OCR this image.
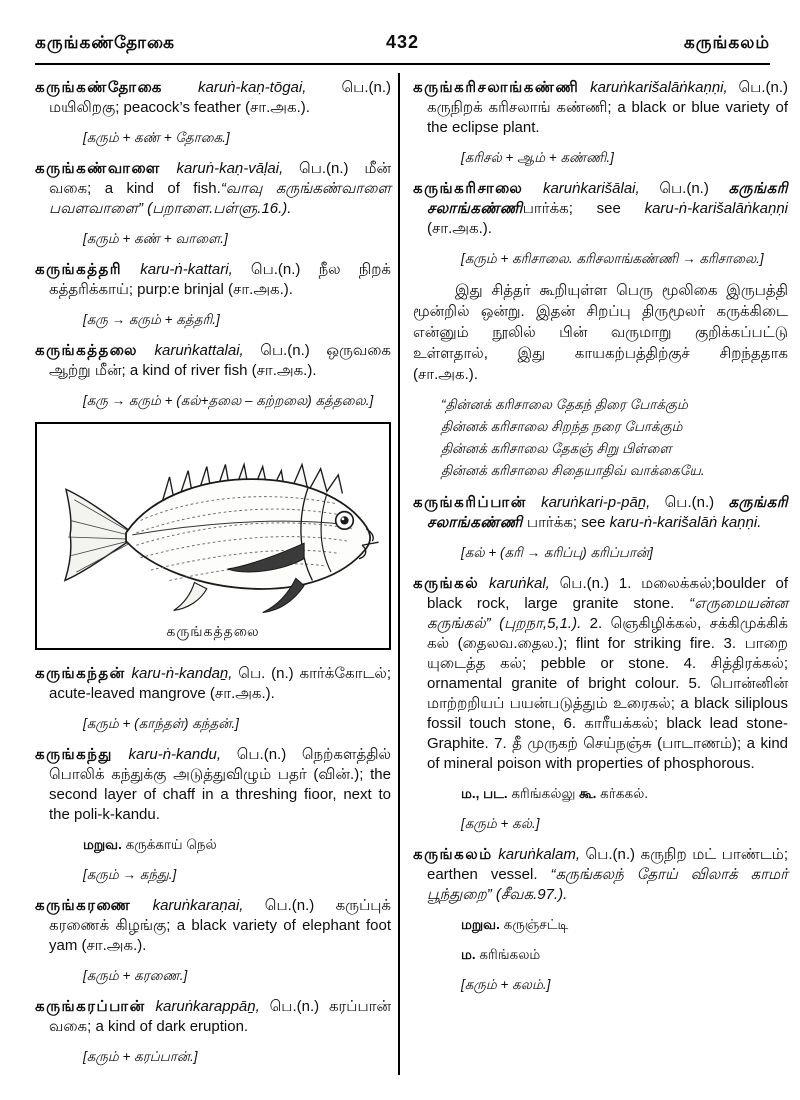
கருங்கண்தோகை	432	கருங்கலம்

கருங்கண்தோகை karuṅ-kaṇ-tōgai, பெ.(n.) மயிலிறகு; peacock’s feather (சா.அக.).

[கரும் + கண் + தோகை.]

கருங்கண்வாளை karuṅ-kaṇ-vāḷai, பெ.(n.) மீன் வகை; a kind of fish.“வாவு கருங்கண்வாளை பவளவாளை” (பறாளை.பள்ளு.16.).

[கரும் + கண் + வாளை.]

கருங்கத்தரி karu-ṅ-kattari, பெ.(n.) நீல நிறக் கத்தரிக்காய்; purp:e brinjal (சா.அக.).

[கரு → கரும் + கத்தரி.]

கருங்கத்தலை karuṅkattalai, பெ.(n.) ஒருவகை ஆற்று மீன்; a kind of river fish (சா.அக.).

[கரு → கரும் + (கல்+தலை – கற்றலை) கத்தலை.]

கருங்கத்தலை

கருங்கந்தன் karu-ṅ-kandaṉ, பெ. (n.) கார்க்கோடல்; acute-leaved mangrove (சா.அக.).

[கரும் + (காந்தள்) கந்தன்.]

கருங்கந்து karu-ṅ-kandu, பெ.(n.) நெற்களத்தில் பொலிக் கந்துக்கு அடுத்துவிழும் பதர் (வின்.); the second layer of chaff in a threshing fioor, next to the poli-k-kandu.

மறுவ. கருக்காய் நெல்

[கரும் → கந்து.]

கருங்கரணை karuṅkaraṇai, பெ.(n.) கருப்புக் கரணைக் கிழங்கு; a black variety of elephant foot yam (சா.அக.).

[கரும் + கரணை.]

கருங்கரப்பான் karuṅkarappāṉ, பெ.(n.) கரப்பான் வகை; a kind of dark eruption.

[கரும் + கரப்பான்.]

கருங்கரிசலாங்கண்ணி karuṅkarišalāṅkaṇṇi, பெ.(n.) கருநிறக் கரிசலாங் கண்ணி; a black or blue variety of the eclipse plant.

[கரிசல் + ஆம் + கண்ணி.]

கருங்கரிசாலை karuṅkarišālai, பெ.(n.) கருங்கரி சலாங்கண்ணிபார்க்க; see karu-ṅ-karišalāṅkaṇṇi (சா.அக.).

[கரும் + கரிசாலை. கரிசலாங்கண்ணி → கரிசாலை.]

இது சித்தர் கூறியுள்ள பெரு மூலிகை இருபத்தி மூன்றில் ஒன்று. இதன் சிறப்பு திருமூலர் கருக்கிடை என்னும் நூலில் பின் வருமாறு குறிக்கப்பட்டு உள்ளதால், இது காயகற்பத்திற்குச் சிறந்ததாக (சா.அக.).

“தின்னக் கரிசாலை தேகந் திரை போக்கும்

தின்னக் கரிசாலை சிறந்த நரை போக்கும்

தின்னக் கரிசாலை தேகஞ் சிறு பிள்ளை

தின்னக் கரிசாலை சிதையாதிவ் வாக்கையே.

கருங்கரிப்பான் karuṅkari-p-pāṉ, பெ.(n.) கருங்கரி சலாங்கண்ணி பார்க்க; see karu-ṅ-karišalāṅ kaṇṇi.

[கல் + (கரி → கரிப்பு) கரிப்பான்]

கருங்கல் karuṅkal, பெ.(n.) 1. மலைக்கல்;boulder of black rock, large granite stone. “எருமையன்ன கருங்கல்” (புறநா,5,1.). 2. ஞெகிழிக்கல், சக்கிமுக்கிக் கல் (தைலவ.தைல.); flint for striking fire. 3. பாறை யுடைத்த கல்; pebble or stone. 4. சித்திரக்கல்; ornamental granite of bright colour. 5. பொன்னின் மாற்றறியப் பயன்படுத்தும் உரைகல்; a black siliplous fossil touch stone, 6. காரீயக்கல்; black lead stone-Graphite. 7. தீ முருகற் செய்நஞ்சு (பாடாணம்); a kind of mineral poison with properties of phosphorous.

ம., பட. கரிங்கல்லு கூ. கர்ககல்.

[கரும் + கல்.]

கருங்கலம் karuṅkalam, பெ.(n.) கருநிற மட் பாண்டம்; earthen vessel. “கருங்கலந் தோய் விலாக் காமர் பூந்துறை” (சீவக.97.).

மறுவ. கருஞ்சட்டி

ம. கரிங்கலம்

[கரும் + கலம்.]
